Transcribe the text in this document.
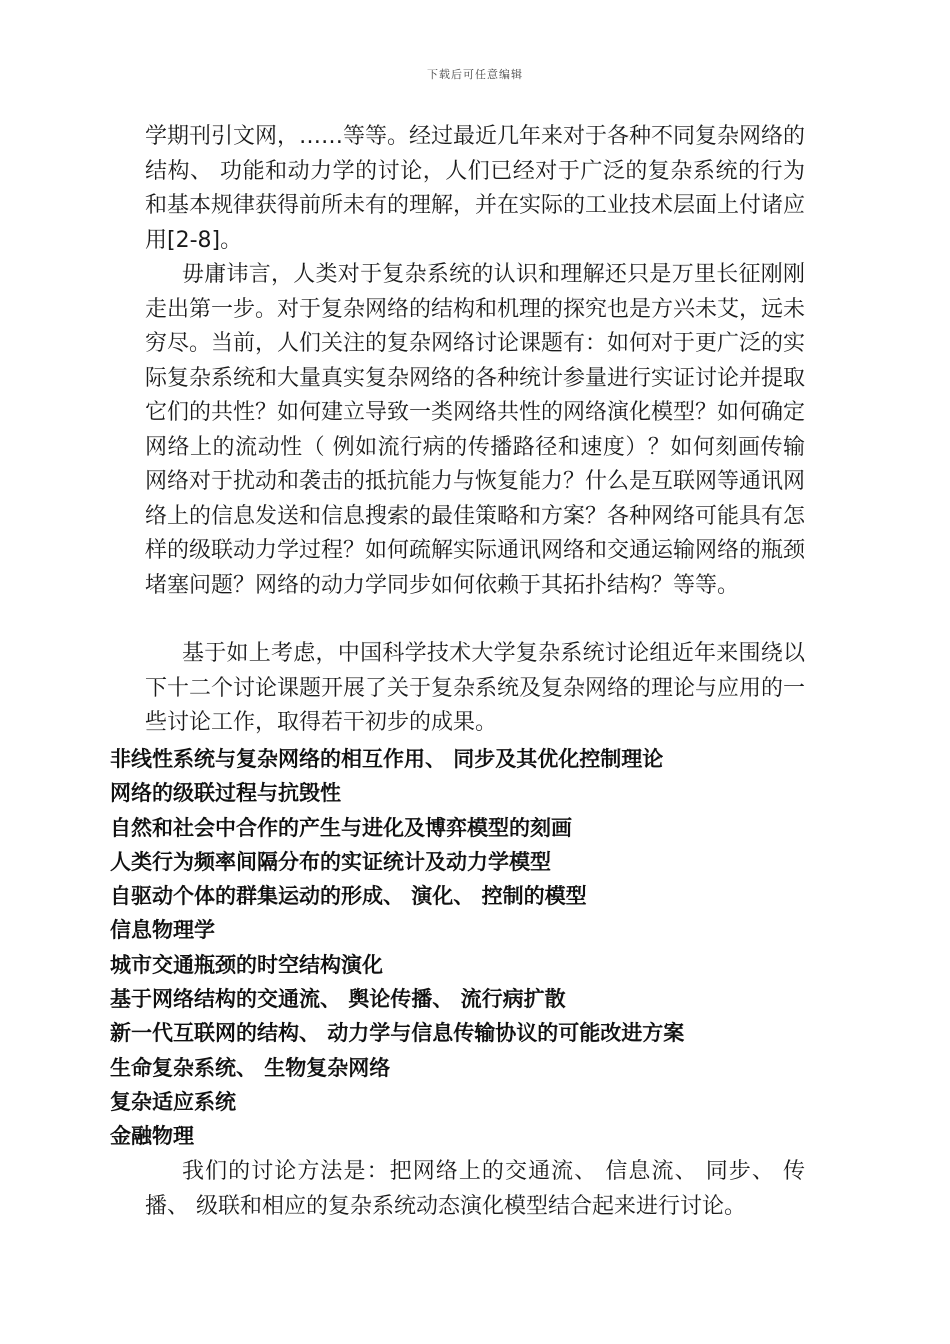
下载后可任意编辑

学期刊引文网，……等等。经过最近几年来对于各种不同复杂网络的结构、 功能和动力学的讨论，人们已经对于广泛的复杂系统的行为和基本规律获得前所未有的理解，并在实际的工业技术层面上付诸应用[2-8]。

毋庸讳言，人类对于复杂系统的认识和理解还只是万里长征刚刚走出第一步。对于复杂网络的结构和机理的探究也是方兴未艾，远未穷尽。当前，人们关注的复杂网络讨论课题有：如何对于更广泛的实际复杂系统和大量真实复杂网络的各种统计参量进行实证讨论并提取它们的共性？如何建立导致一类网络共性的网络演化模型？如何确定网络上的流动性（ 例如流行病的传播路径和速度）？如何刻画传输网络对于扰动和袭击的抵抗能力与恢复能力？什么是互联网等通讯网络上的信息发送和信息搜索的最佳策略和方案？各种网络可能具有怎样的级联动力学过程？如何疏解实际通讯网络和交通运输网络的瓶颈堵塞问题？网络的动力学同步如何依赖于其拓扑结构？等等。

基于如上考虑，中国科学技术大学复杂系统讨论组近年来围绕以下十二个讨论课题开展了关于复杂系统及复杂网络的理论与应用的一些讨论工作，取得若干初步的成果。

非线性系统与复杂网络的相互作用、 同步及其优化控制理论
网络的级联过程与抗毁性
自然和社会中合作的产生与进化及博弈模型的刻画
人类行为频率间隔分布的实证统计及动力学模型
自驱动个体的群集运动的形成、 演化、 控制的模型
信息物理学
城市交通瓶颈的时空结构演化
基于网络结构的交通流、 舆论传播、 流行病扩散
新一代互联网的结构、 动力学与信息传输协议的可能改进方案
生命复杂系统、 生物复杂网络
复杂适应系统
金融物理

我们的讨论方法是：把网络上的交通流、 信息流、 同步、 传播、 级联和相应的复杂系统动态演化模型结合起来进行讨论。
